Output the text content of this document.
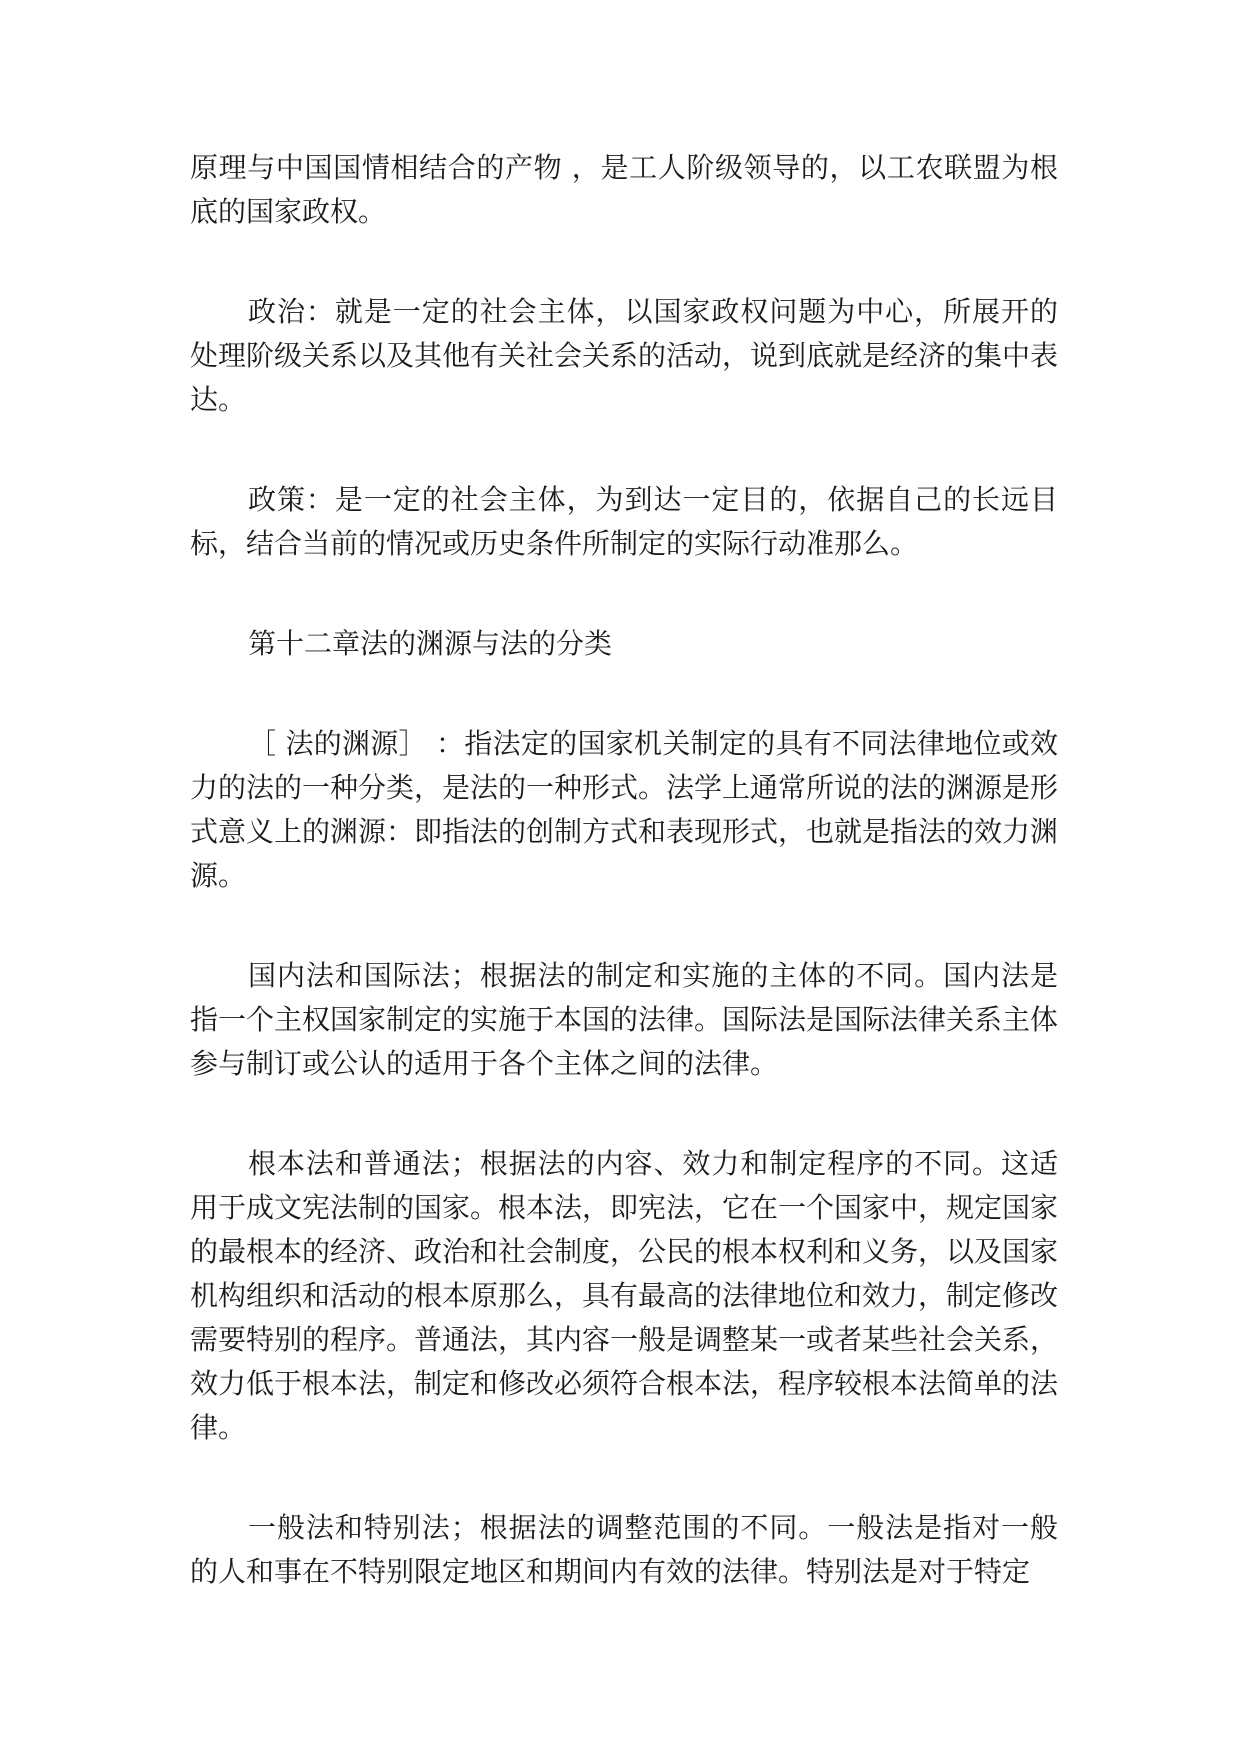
原理与中国国情相结合的产物 ，是工人阶级领导的，以工农联盟为根底的国家政权。

政治：就是一定的社会主体，以国家政权问题为中心，所展开的处理阶级关系以及其他有关社会关系的活动，说到底就是经济的集中表达。

政策：是一定的社会主体，为到达一定目的，依据自己的长远目标，结合当前的情况或历史条件所制定的实际行动准那么。

第十二章法的渊源与法的分类

［ 法的渊源］ ：指法定的国家机关制定的具有不同法律地位或效力的法的一种分类，是法的一种形式。法学上通常所说的法的渊源是形式意义上的渊源：即指法的创制方式和表现形式，也就是指法的效力渊源。

国内法和国际法；根据法的制定和实施的主体的不同。国内法是指一个主权国家制定的实施于本国的法律。国际法是国际法律关系主体参与制订或公认的适用于各个主体之间的法律。

根本法和普通法；根据法的内容、效力和制定程序的不同。这适用于成文宪法制的国家。根本法，即宪法，它在一个国家中，规定国家的最根本的经济、政治和社会制度，公民的根本权利和义务，以及国家机构组织和活动的根本原那么，具有最高的法律地位和效力，制定修改需要特别的程序。普通法，其内容一般是调整某一或者某些社会关系，效力低于根本法，制定和修改必须符合根本法，程序较根本法简单的法律。

一般法和特别法；根据法的调整范围的不同。一般法是指对一般的人和事在不特别限定地区和期间内有效的法律。特别法是对于特定
